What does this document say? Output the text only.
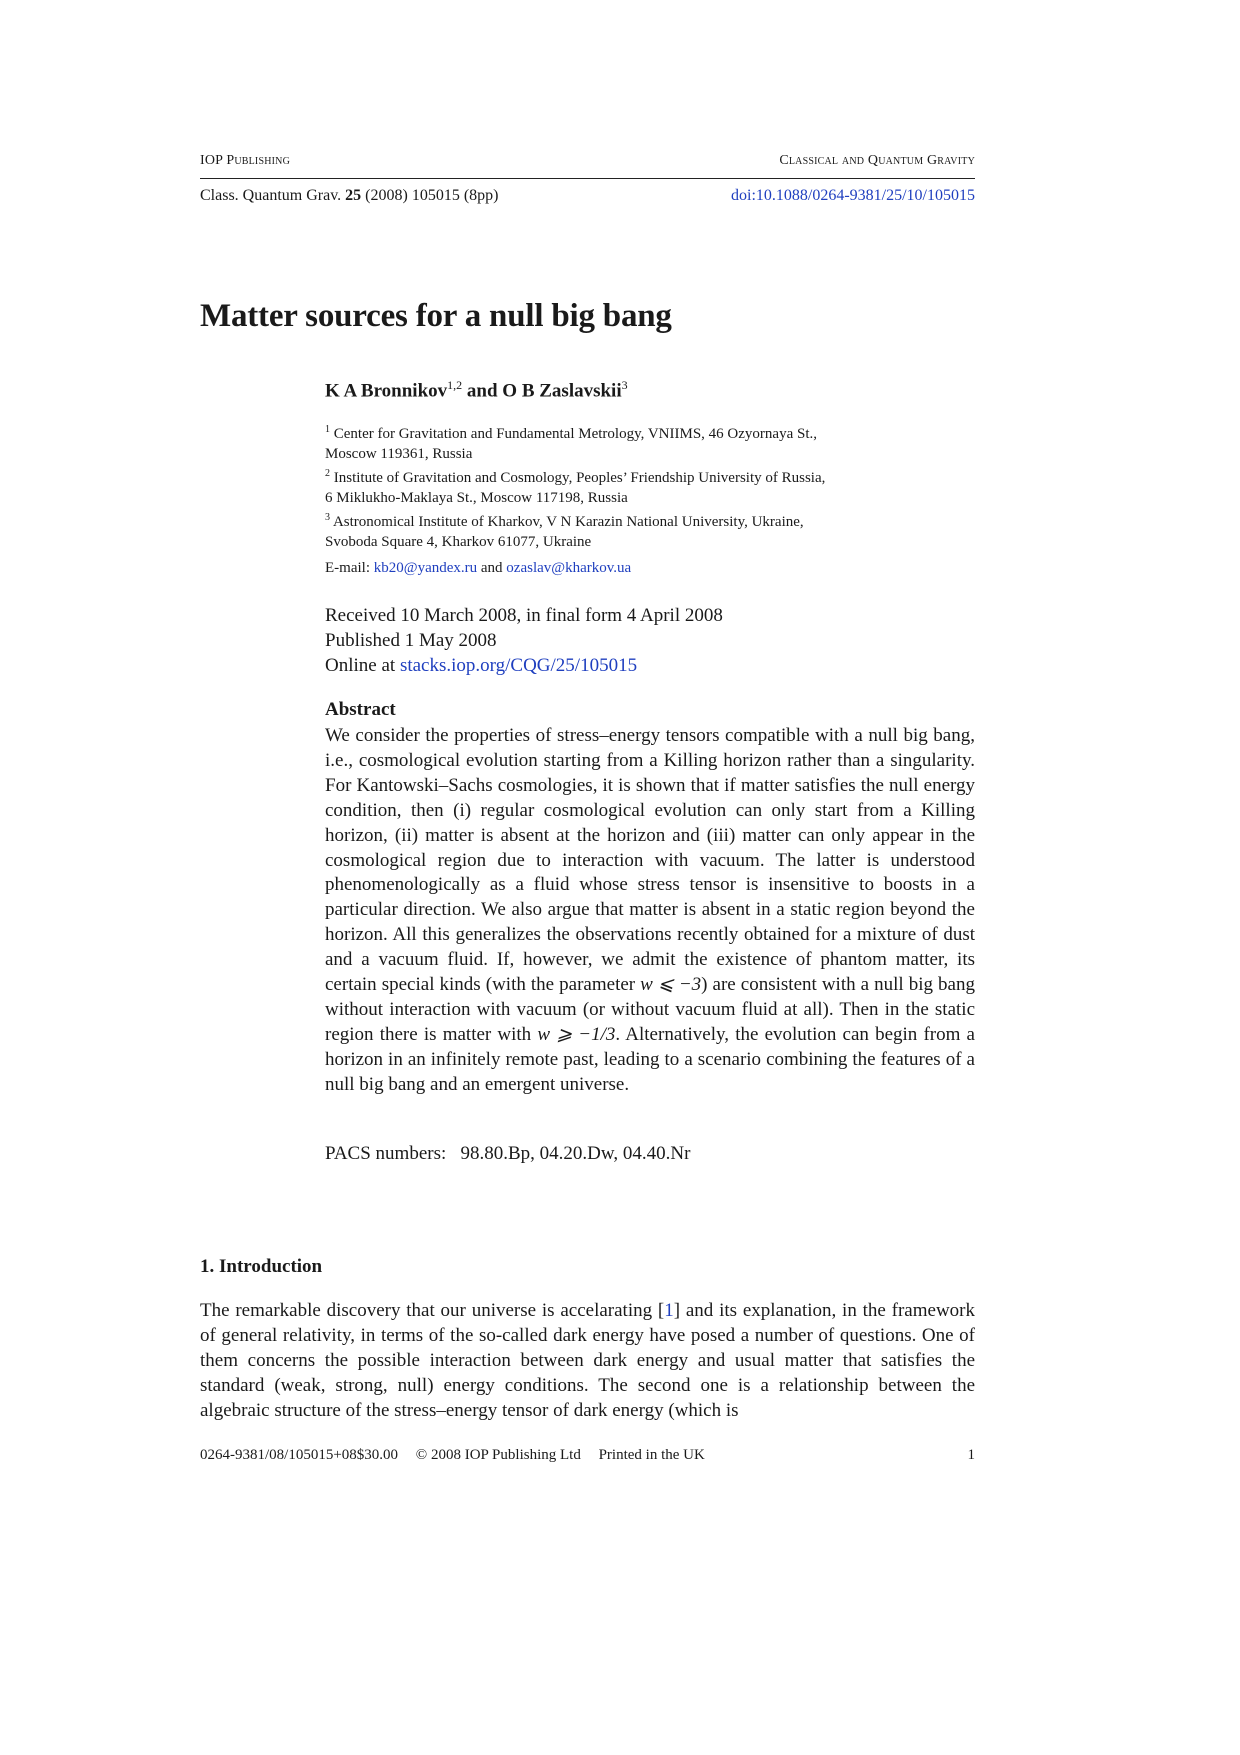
IOP Publishing	Classical and Quantum Gravity
Class. Quantum Grav. 25 (2008) 105015 (8pp)	doi:10.1088/0264-9381/25/10/105015
Matter sources for a null big bang
K A Bronnikov$^{1,2}$ and O B Zaslavskii$^3$
$^1$ Center for Gravitation and Fundamental Metrology, VNIIMS, 46 Ozyornaya St.,
Moscow 119361, Russia
$^2$ Institute of Gravitation and Cosmology, Peoples’ Friendship University of Russia,
6 Miklukho-Maklaya St., Moscow 117198, Russia
$^3$ Astronomical Institute of Kharkov, V N Karazin National University, Ukraine,
Svoboda Square 4, Kharkov 61077, Ukraine
E-mail: kb20@yandex.ru and ozaslav@kharkov.ua
Received 10 March 2008, in final form 4 April 2008
Published 1 May 2008
Online at stacks.iop.org/CQG/25/105015
Abstract

We consider the properties of stress–energy tensors compatible with a null big bang, i.e., cosmological evolution starting from a Killing horizon rather than a singularity. For Kantowski–Sachs cosmologies, it is shown that if matter satisfies the null energy condition, then (i) regular cosmological evolution can only start from a Killing horizon, (ii) matter is absent at the horizon and (iii) matter can only appear in the cosmological region due to interaction with vacuum. The latter is understood phenomenologically as a fluid whose stress tensor is insensitive to boosts in a particular direction. We also argue that matter is absent in a static region beyond the horizon. All this generalizes the observations recently obtained for a mixture of dust and a vacuum fluid. If, however, we admit the existence of phantom matter, its certain special kinds (with the parameter w ⩽ −3) are consistent with a null big bang without interaction with vacuum (or without vacuum fluid at all). Then in the static region there is matter with w ⩾ −1/3. Alternatively, the evolution can begin from a horizon in an infinitely remote past, leading to a scenario combining the features of a null big bang and an emergent universe.

PACS numbers: 98.80.Bp, 04.20.Dw, 04.40.Nr
1. Introduction

The remarkable discovery that our universe is accelarating [1] and its explanation, in the framework of general relativity, in terms of the so-called dark energy have posed a number of questions. One of them concerns the possible interaction between dark energy and usual matter that satisfies the standard (weak, strong, null) energy conditions. The second one is a relationship between the algebraic structure of the stress–energy tensor of dark energy (which is

0264-9381/08/105015+08$30.00 © 2008 IOP Publishing Ltd Printed in the UK	1
